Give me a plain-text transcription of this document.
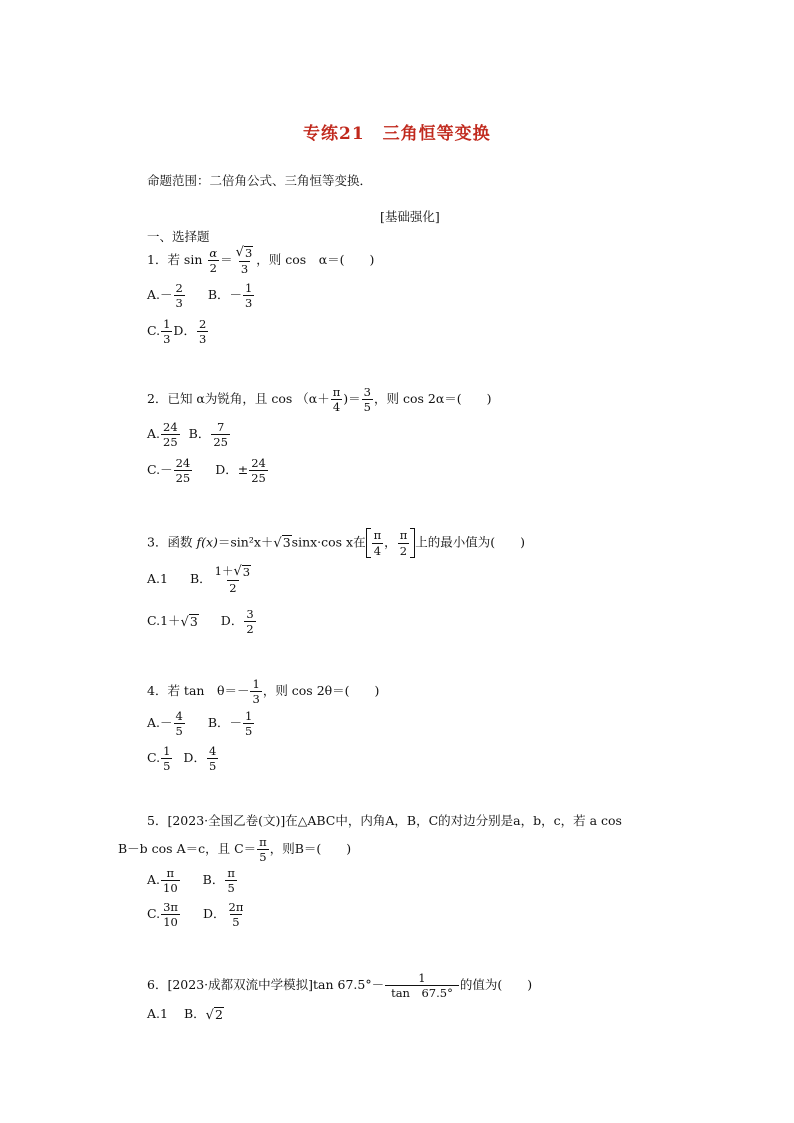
专练21　三角恒等变换
命题范围：二倍角公式、三角恒等变换．
[基础强化]
一、选择题
1．若 $\sin \frac{\alpha}{2} = \frac{√ 3}{3}$ ，则 cos　α＝(　　)
$A.- \frac{2}{3}$ B．－ $\frac{1}{3}$
C. $\frac{1}{3}$ D． $\frac{2}{3}$
2．已知 α为锐角，且 $\cos (\alpha+ \frac{\pi}{4}$ )＝ $\frac{3}{5}$ ，则 cos 2α＝(　　)
A. $\frac{24}{25}$ B． $\frac{7}{25}$
$C.- \frac{24}{25}$ D．± $\frac{24}{25}$
3．函数 f(x)＝sin²x＋ √ 3 sinx·cos x在 $\frac{\pi}{4}$ ， $\frac{\pi}{2}$ 上的最小值为(　　)
A.1 B． $\frac{1+ √ 3}{2}$
C.1＋ √ 3 D． $\frac{3}{2}$
4．若 tan　$\theta=- \frac{1}{3}$ ，则 cos 2θ＝(　　)
$A.- \frac{4}{5}$ B．－ $\frac{1}{5}$
C. $\frac{1}{5}$ D． $\frac{4}{5}$
5．[2023·全国乙卷(文)]在△ABC中，内角A，B，C的对边分别是a，b，c，若 a cos
B－b cos A＝c，且 $C= \frac{\pi}{5}$ ，则B＝(　　)
A. $\frac{\pi}{10}$ B． $\frac{\pi}{5}$
C. $\frac{3\pi}{10}$ D． $\frac{2\pi}{5}$
6．[2023·成都双流中学模拟]tan $67.5^\circ- \frac{1}{\tan 67.5^\circ}$ 的值为(　　)
A.1 B． √ 2
